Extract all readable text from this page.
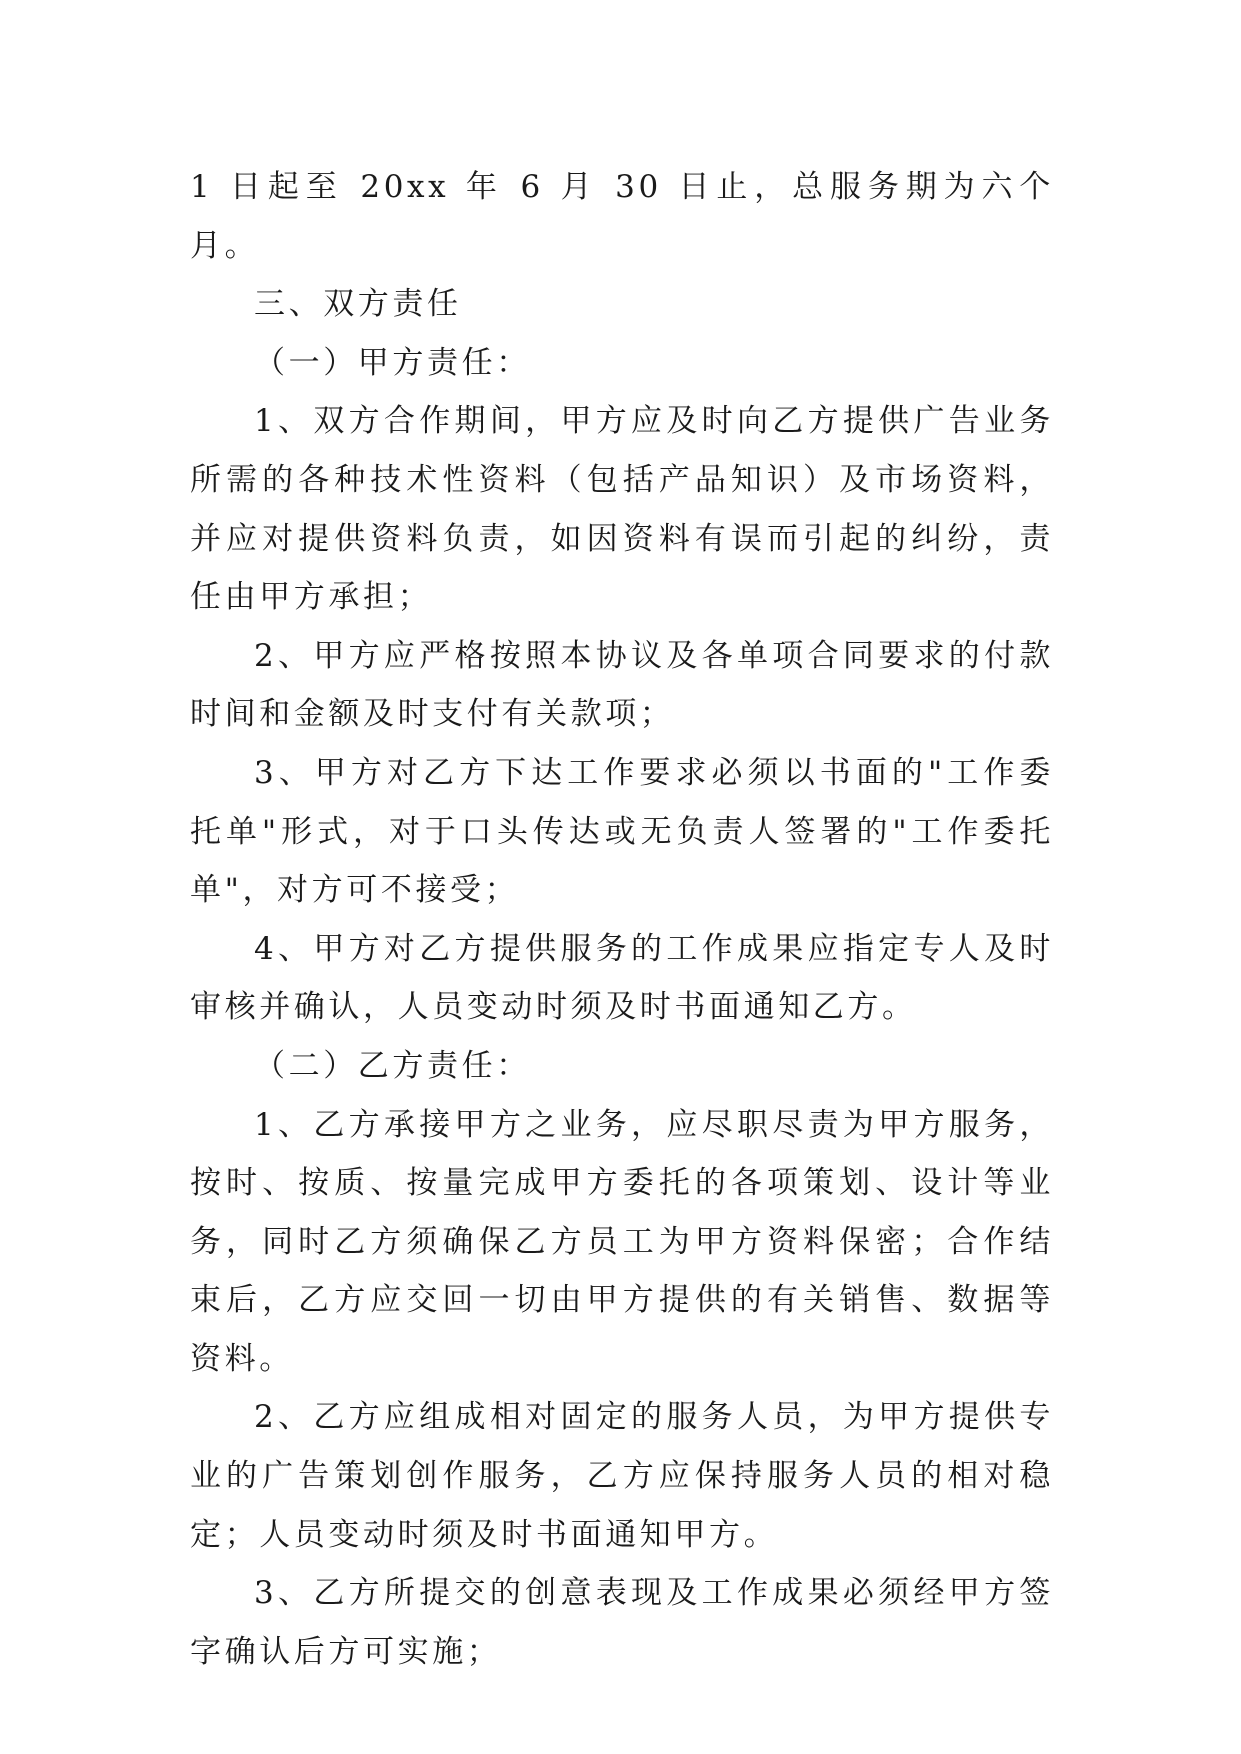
1 日起至 20xx 年 6 月 30 日止，总服务期为六个月。

三、双方责任

（一）甲方责任：

1、双方合作期间，甲方应及时向乙方提供广告业务所需的各种技术性资料（包括产品知识）及市场资料，并应对提供资料负责，如因资料有误而引起的纠纷，责任由甲方承担；

2、甲方应严格按照本协议及各单项合同要求的付款时间和金额及时支付有关款项；

3、甲方对乙方下达工作要求必须以书面的"工作委托单"形式，对于口头传达或无负责人签署的"工作委托单"，对方可不接受；

4、甲方对乙方提供服务的工作成果应指定专人及时审核并确认，人员变动时须及时书面通知乙方。

（二）乙方责任：

1、乙方承接甲方之业务，应尽职尽责为甲方服务，按时、按质、按量完成甲方委托的各项策划、设计等业务，同时乙方须确保乙方员工为甲方资料保密；合作结束后，乙方应交回一切由甲方提供的有关销售、数据等资料。

2、乙方应组成相对固定的服务人员，为甲方提供专业的广告策划创作服务，乙方应保持服务人员的相对稳定；人员变动时须及时书面通知甲方。

3、乙方所提交的创意表现及工作成果必须经甲方签字确认后方可实施；
